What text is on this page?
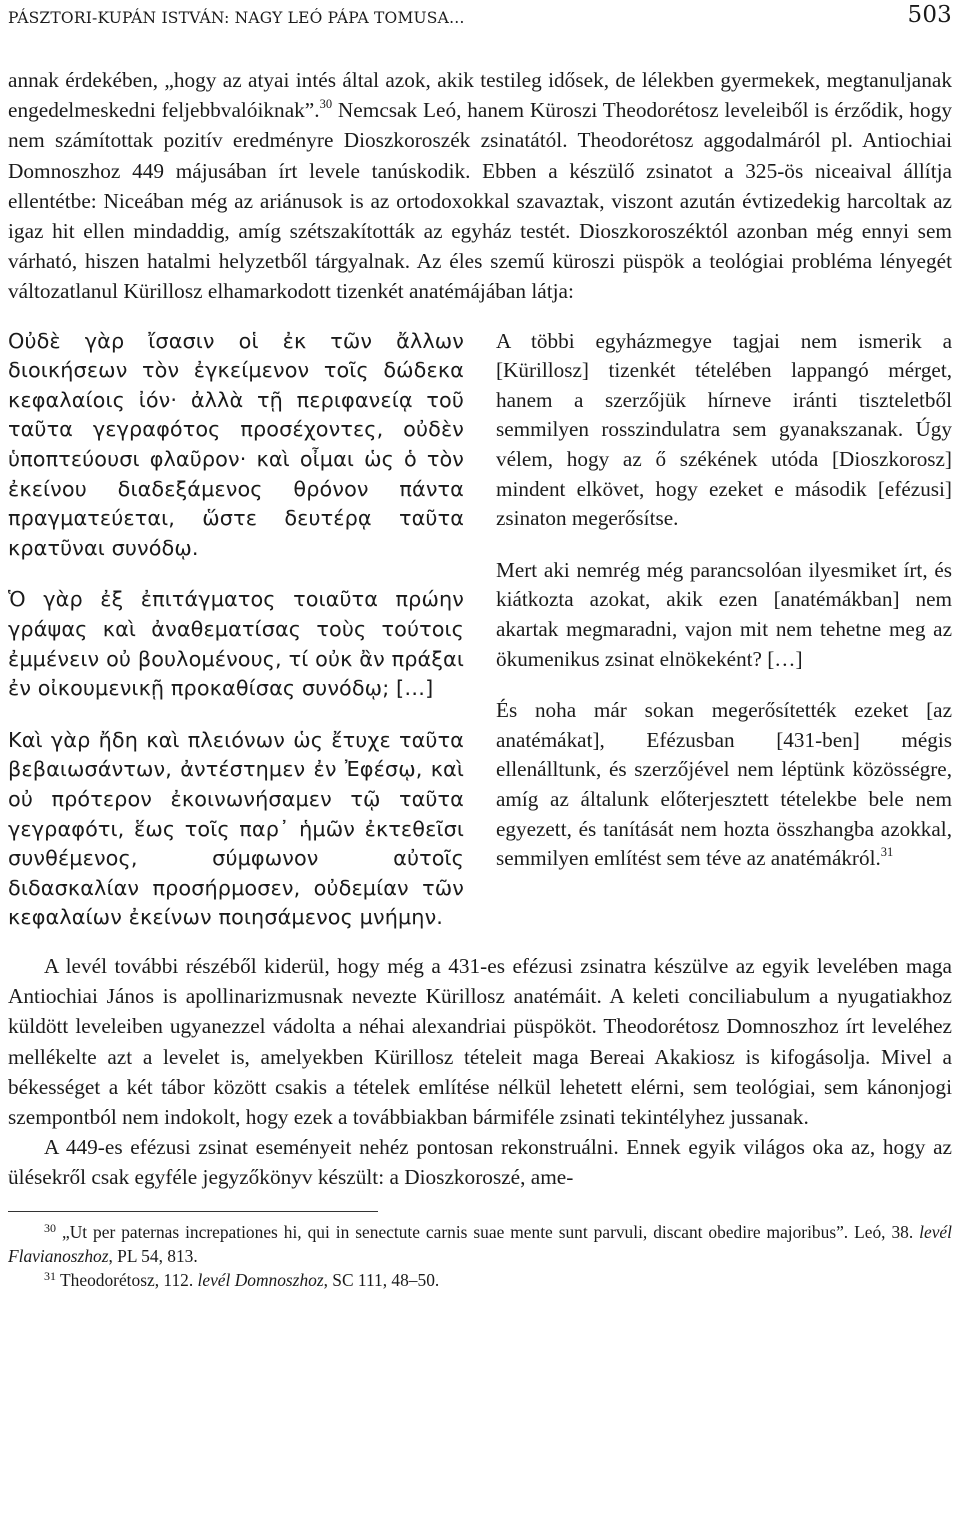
PÁSZTORI-KUPÁN ISTVÁN: NAGY LEÓ PÁPA TOMUSA…	503

annak érdekében, „hogy az atyai intés által azok, akik testileg idősek, de lélekben gyermekek, megtanuljanak engedelmeskedni feljebbvalóiknak”.$^{30}$ Nemcsak Leó, hanem Küroszi Theodorétosz leveleiből is érződik, hogy nem számítottak pozitív eredményre Dioszkoroszék zsinatától. Theodorétosz aggodalmáról pl. Antiochiai Domnoszhoz 449 májusában írt levele tanúskodik. Ebben a készülő zsinatot a 325-ös niceaival állítja ellentétbe: Niceában még az ariánusok is az ortodoxokkal szavaztak, viszont azután évtizedekig harcoltak az igaz hit ellen mindaddig, amíg szétszakították az egyház testét. Dioszkoroszéktól azonban még ennyi sem várható, hiszen hatalmi helyzetből tárgyalnak. Az éles szemű küroszi püspök a teológiai probléma lényegét változatlanul Kürillosz elhamarkodott tizenkét anatémájában látja:

Οὐδὲ γὰρ ἴσασιν οἱ ἐκ τῶν ἄλλων διοικήσεων τὸν ἐγκείμενον τοῖς δώδεκα κεφαλαίοις ἰόν· ἀλλὰ τῇ περιφανείᾳ τοῦ ταῦτα γεγραφότος προσέχοντες, οὐδὲν ὑποπτεύουσι φλαῦρον· καὶ οἶμαι ὡς ὁ τὸν ἐκείνου διαδεξάμενος θρόνον πάντα πραγματεύεται, ὥστε δευτέρᾳ ταῦτα κρατῦναι συνόδῳ.

Ὁ γὰρ ἐξ ἐπιτάγματος τοιαῦτα πρώην γράψας καὶ ἀναθεματίσας τοὺς τούτοις ἐμμένειν οὐ βουλομένους, τί οὐκ ἂν πράξαι ἐν οἰκουμενικῇ προκαθίσας συνόδῳ; […]

Καὶ γὰρ ἤδη καὶ πλειόνων ὡς ἔτυχε ταῦτα βεβαιωσάντων, ἀντέστημεν ἐν Ἐφέσῳ, καὶ οὐ πρότερον ἐκοινωνήσαμεν τῷ ταῦτα γεγραφότι, ἕως τοῖς παρ᾽ ἡμῶν ἐκτεθεῖσι συνθέμενος, σύμφωνον αὐτοῖς διδασκαλίαν προσήρμοσεν, οὐδεμίαν τῶν κεφαλαίων ἐκείνων ποιησάμενος μνήμην.

A többi egyházmegye tagjai nem ismerik a [Kürillosz] tizenkét tételében lappangó mérget, hanem a szerzőjük hírneve iránti tiszteletből semmilyen rosszindulatra sem gyanakszanak. Úgy vélem, hogy az ő székének utóda [Dioszkorosz] mindent elkövet, hogy ezeket e második [efézusi] zsinaton megerősítse.

Mert aki nemrég még parancsolóan ilyesmiket írt, és kiátkozta azokat, akik ezen [anatémákban] nem akartak megmaradni, vajon mit nem tehetne meg az ökumenikus zsinat elnökeként? […]

És noha már sokan megerősítették ezeket [az anatémákat], Efézusban [431-ben] mégis ellenálltunk, és szerzőjével nem léptünk közösségre, amíg az általunk előterjesztett tételekbe bele nem egyezett, és tanítását nem hozta összhangba azokkal, semmilyen említést sem téve az anatémákról.$^{31}$

A levél további részéből kiderül, hogy még a 431-es efézusi zsinatra készülve az egyik levelében maga Antiochiai János is apollinarizmusnak nevezte Kürillosz anatémáit. A keleti conciliabulum a nyugatiakhoz küldött leveleiben ugyanezzel vádolta a néhai alexandriai püspököt. Theodorétosz Domnoszhoz írt leveléhez mellékelte azt a levelet is, amelyekben Kürillosz tételeit maga Bereai Akakiosz is kifogásolja. Mivel a békességet a két tábor között csakis a tételek említése nélkül lehetett elérni, sem teológiai, sem kánonjogi szempontból nem indokolt, hogy ezek a továbbiakban bármiféle zsinati tekintélyhez jussanak.

A 449-es efézusi zsinat eseményeit nehéz pontosan rekonstruálni. Ennek egyik világos oka az, hogy az ülésekről csak egyféle jegyzőkönyv készült: a Dioszkoroszé, ame-

$^{30}$ „Ut per paternas increpationes hi, qui in senectute carnis suae mente sunt parvuli, discant obedire majoribus”. Leó, 38. levél Flavianoszhoz, PL 54, 813.

$^{31}$ Theodorétosz, 112. levél Domnoszhoz, SC 111, 48–50.
